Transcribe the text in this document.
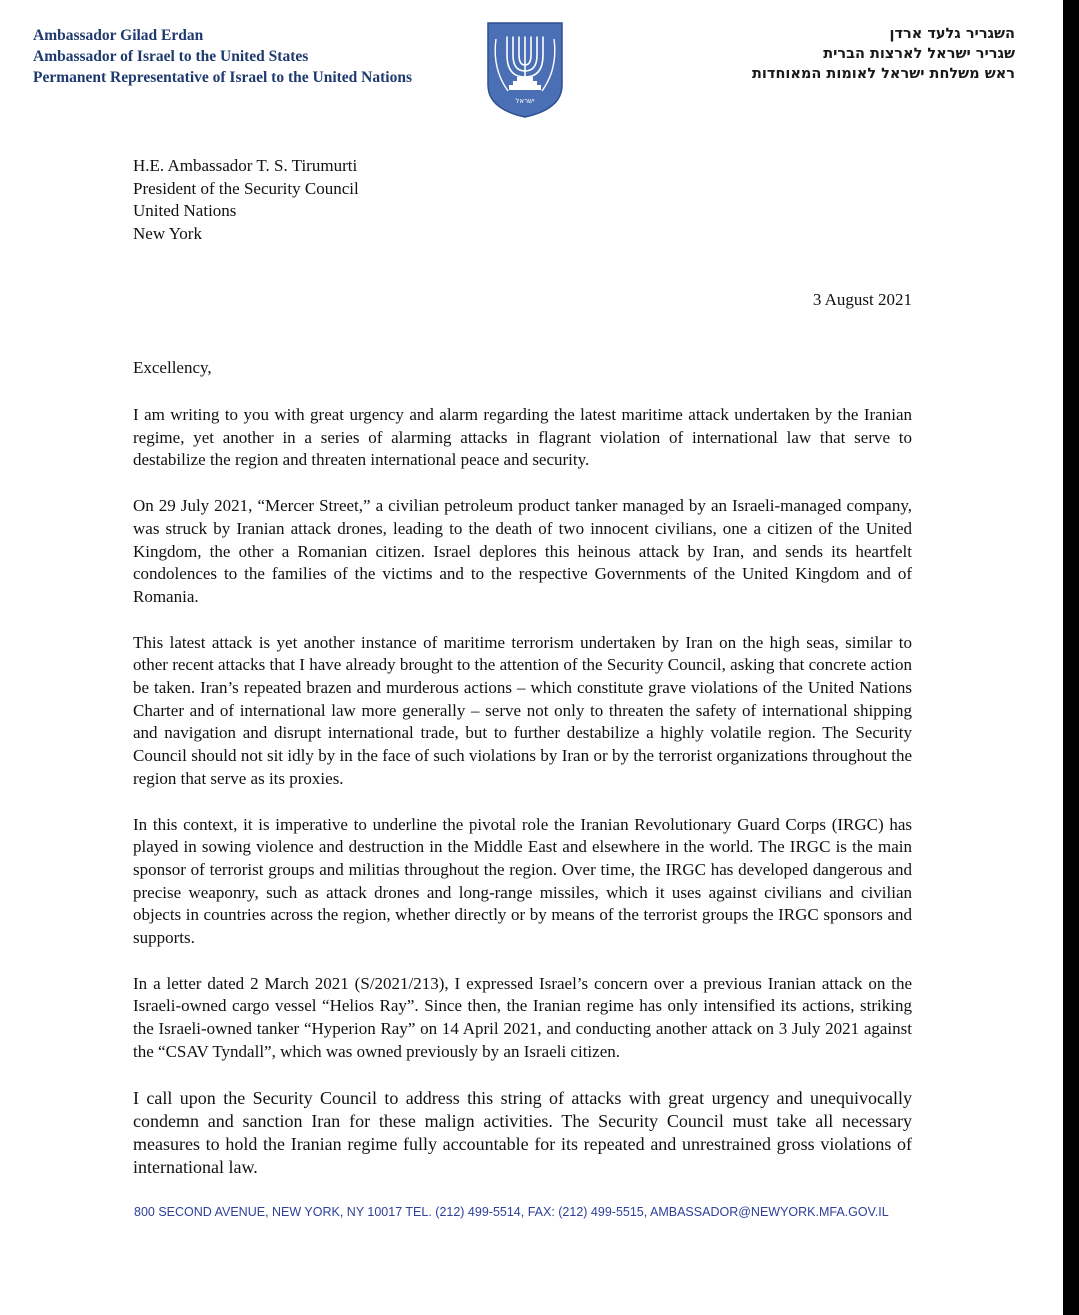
Ambassador Gilad Erdan
Ambassador of Israel to the United States
Permanent Representative of Israel to the United Nations
ישראל
השגריר גלעד ארדן
שגריר ישראל לארצות הברית
ראש משלחת ישראל לאומות המאוחדות
H.E. Ambassador T. S. Tirumurti
President of the Security Council
United Nations
New York
3 August 2021
Excellency,

I am writing to you with great urgency and alarm regarding the latest maritime attack undertaken by the Iranian regime, yet another in a series of alarming attacks in flagrant violation of international law that serve to destabilize the region and threaten international peace and security.

On 29 July 2021, “Mercer Street,” a civilian petroleum product tanker managed by an Israeli-managed company, was struck by Iranian attack drones, leading to the death of two innocent civilians, one a citizen of the United Kingdom, the other a Romanian citizen. Israel deplores this heinous attack by Iran, and sends its heartfelt condolences to the families of the victims and to the respective Governments of the United Kingdom and of Romania.

This latest attack is yet another instance of maritime terrorism undertaken by Iran on the high seas, similar to other recent attacks that I have already brought to the attention of the Security Council, asking that concrete action be taken. Iran’s repeated brazen and murderous actions – which constitute grave violations of the United Nations Charter and of international law more generally – serve not only to threaten the safety of international shipping and navigation and disrupt international trade, but to further destabilize a highly volatile region. The Security Council should not sit idly by in the face of such violations by Iran or by the terrorist organizations throughout the region that serve as its proxies.

In this context, it is imperative to underline the pivotal role the Iranian Revolutionary Guard Corps (IRGC) has played in sowing violence and destruction in the Middle East and elsewhere in the world. The IRGC is the main sponsor of terrorist groups and militias throughout the region. Over time, the IRGC has developed dangerous and precise weaponry, such as attack drones and long-range missiles, which it uses against civilians and civilian objects in countries across the region, whether directly or by means of the terrorist groups the IRGC sponsors and supports.

In a letter dated 2 March 2021 (S/2021/213), I expressed Israel’s concern over a previous Iranian attack on the Israeli-owned cargo vessel “Helios Ray”. Since then, the Iranian regime has only intensified its actions, striking the Israeli-owned tanker “Hyperion Ray” on 14 April 2021, and conducting another attack on 3 July 2021 against the “CSAV Tyndall”, which was owned previously by an Israeli citizen.

I call upon the Security Council to address this string of attacks with great urgency and unequivocally condemn and sanction Iran for these malign activities. The Security Council must take all necessary measures to hold the Iranian regime fully accountable for its repeated and unrestrained gross violations of international law.

800 SECOND AVENUE, NEW YORK, NY 10017 TEL. (212) 499-5514, FAX: (212) 499-5515, AMBASSADOR@NEWYORK.MFA.GOV.IL
